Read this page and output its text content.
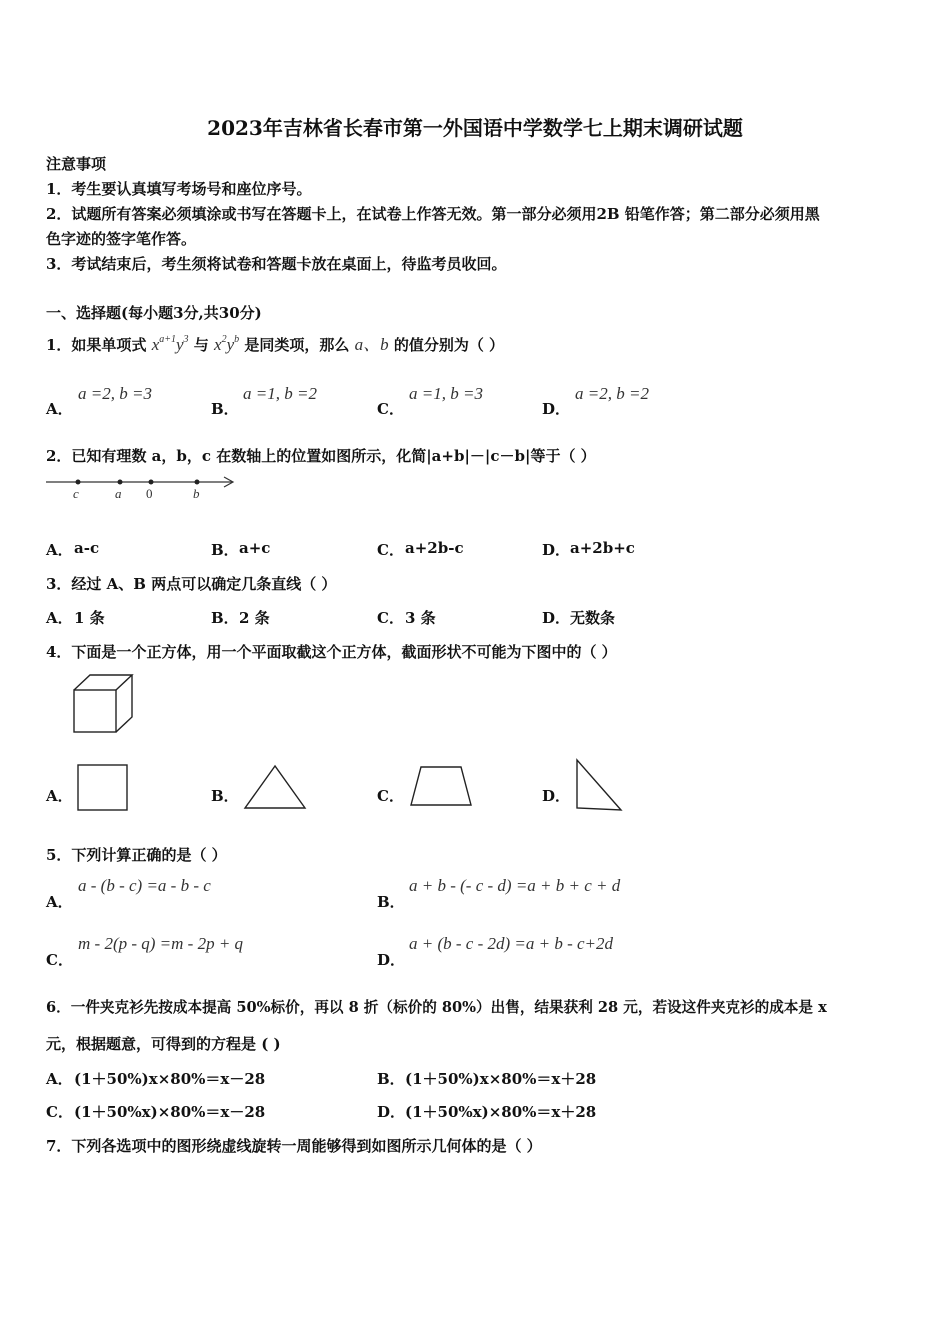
2023年吉林省长春市第一外国语中学数学七上期末调研试题
注意事项
1．考生要认真填写考场号和座位序号。
2．试题所有答案必须填涂或书写在答题卡上，在试卷上作答无效。第一部分必须用2B 铅笔作答；第二部分必须用黑
色字迹的签字笔作答。
3．考试结束后，考生须将试卷和答题卡放在桌面上，待监考员收回。
一、选择题(每小题3分,共30分)
1．如果单项式 $x^{a+1}y^3$ 与 $x^2y^b$ 是同类项，那么 a、b 的值分别为（ ）
A．
a =2, b =3
B．
a =1, b =2
C．
a =1, b =3
D．
a =2, b =2
2．已知有理数 a，b，c 在数轴上的位置如图所示，化简|a+b|－|c－b|等于（ ）
c	a 0	b
A． a-c	B． a+c	C． a+2b-c	D． a+2b+c
3．经过 A、B 两点可以确定几条直线（ ）
A． 1 条	B． 2 条	C． 3 条	D． 无数条
4．下面是一个正方体，用一个平面取截这个正方体，截面形状不可能为下图中的（ ）
A．	B．	C．	D．
5．下列计算正确的是（ ）
A．
a - (b - c) =a - b - c
B．
a + b - (- c - d) =a + b + c + d
C．
m - 2(p - q) =m - 2p + q
D．
a + (b - c - 2d) =a + b - c+2d
6．一件夹克衫先按成本提高 50%标价，再以 8 折（标价的 80%）出售，结果获利 28 元，若设这件夹克衫的成本是 x
元，根据题意，可得到的方程是 ( )
A． (1＋50%)x×80%＝x－28	B． (1＋50%)x×80%＝x＋28
C． (1＋50%x)×80%＝x－28	D． (1＋50%x)×80%＝x＋28
7．下列各选项中的图形绕虚线旋转一周能够得到如图所示几何体的是（ ）
